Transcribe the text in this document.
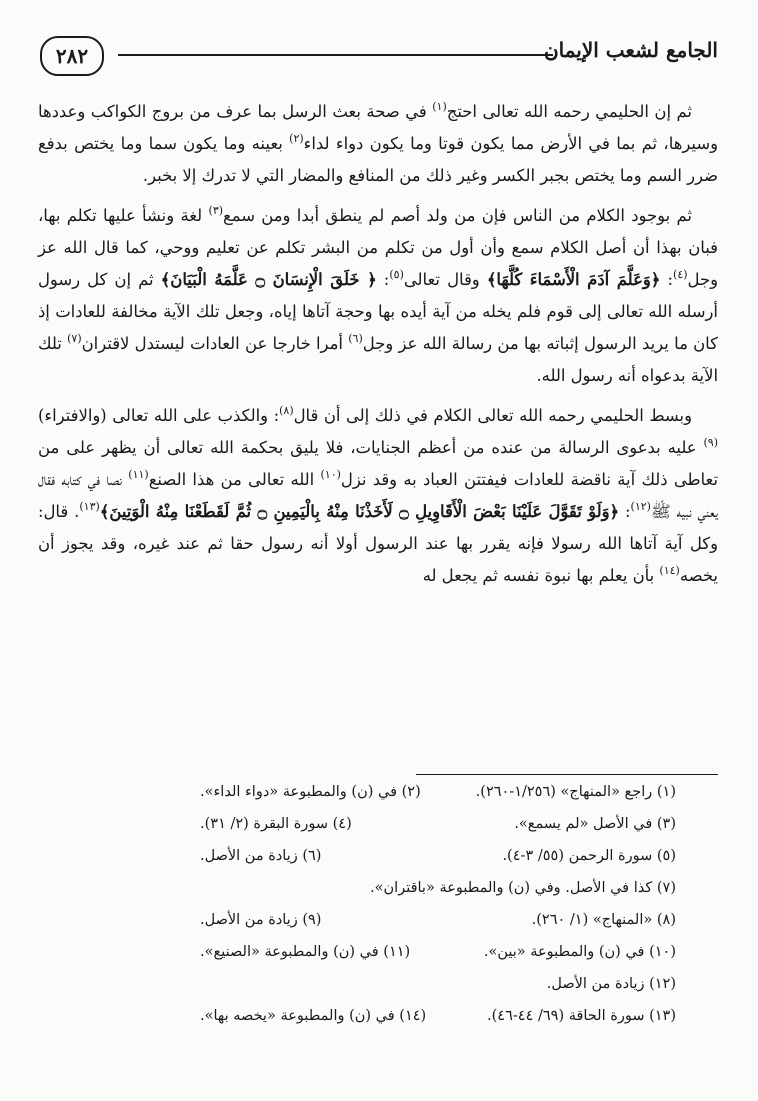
الجامع لشعب الإيمان
٢٨٢

ثم إن الحليمي رحمه الله تعالى احتج$^{(١)}$ في صحة بعث الرسل بما عرف من بروج الكواكب وعددها وسيرها، ثم بما في الأرض مما يكون قوتا وما يكون دواء لداء$^{(٢)}$ بعينه وما يكون سما وما يختص بدفع ضرر السم وما يختص بجبر الكسر وغير ذلك من المنافع والمضار التي لا تدرك إلا بخبر.

ثم بوجود الكلام من الناس فإن من ولد أصم لم ينطق أبدا ومن سمع$^{(٣)}$ لغة ونشأ عليها تكلم بها، فبان بهذا أن أصل الكلام سمع وأن أول من تكلم من البشر تكلم عن تعليم ووحي، كما قال الله عز وجل$^{(٤)}$: ﴿وَعَلَّمَ آدَمَ الْأَسْمَاءَ كُلَّهَا﴾ وقال تعالى$^{(٥)}$: ﴿ خَلَقَ الْإِنسَانَ ۝ عَلَّمَهُ الْبَيَانَ﴾ ثم إن كل رسول أرسله الله تعالى إلى قوم فلم يخله من آية أيده بها وحجة آتاها إياه، وجعل تلك الآية مخالفة للعادات إذ كان ما يريد الرسول إثباته بها من رسالة الله عز وجل$^{(٦)}$ أمرا خارجا عن العادات ليستدل لاقتران$^{(٧)}$ تلك الآية بدعواه أنه رسول الله.

وبسط الحليمي رحمه الله تعالى الكلام في ذلك إلى أن قال$^{(٨)}$: والكذب على الله تعالى (والافتراء)$^{(٩)}$ عليه بدعوى الرسالة من عنده من أعظم الجنايات، فلا يليق بحكمة الله تعالى أن يظهر على من تعاطى ذلك آية ناقضة للعادات فيفتتن العباد به وقد نزل$^{(١٠)}$ الله تعالى من هذا الصنع$^{(١١)}$ نصا في كتابه فقال يعني نبيه ﷺ$^{(١٢)}$: ﴿وَلَوْ تَقَوَّلَ عَلَيْنَا بَعْضَ الْأَقَاوِيلِ ۝ لَأَخَذْنَا مِنْهُ بِالْيَمِينِ ۝ ثُمَّ لَقَطَعْنَا مِنْهُ الْوَتِينَ﴾$^{(١٣)}$. قال: وكل آية آتاها الله رسولا فإنه يقرر بها عند الرسول أولا أنه رسول حقا ثم عند غيره، وقد يجوز أن يخصه$^{(١٤)}$ بأن يعلم بها نبوة نفسه ثم يجعل له

(١) راجع «المنهاج» (١/٢٥٦-٢٦٠).
(٢) في (ن) والمطبوعة «دواء الداء».
(٣) في الأصل «لم يسمع».
(٤) سورة البقرة (٢/ ٣١).
(٥) سورة الرحمن (٥٥/ ٣-٤).
(٦) زيادة من الأصل.
(٧) كذا في الأصل. وفي (ن) والمطبوعة «باقتران».
(٨) «المنهاج» (١/ ٢٦٠).
(٩) زيادة من الأصل.
(١٠) في (ن) والمطبوعة «بين».
(١١) في (ن) والمطبوعة «الصنيع».
(١٢) زيادة من الأصل.
(١٣) سورة الحاقة (٦٩/ ٤٤-٤٦).
(١٤) في (ن) والمطبوعة «يخصه بها».
